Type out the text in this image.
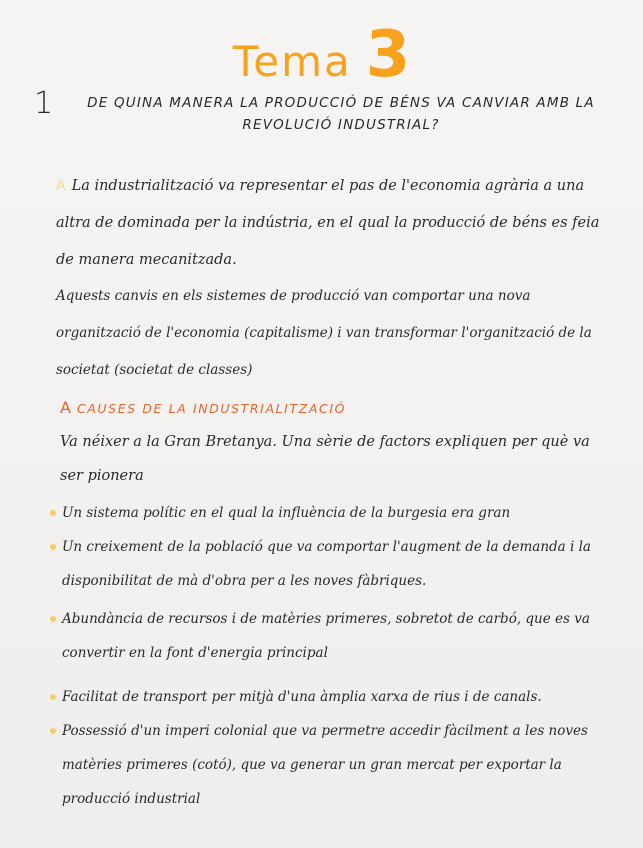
Tema 3
1	DE QUINA MANERA LA PRODUCCIÓ DE BÉNS VA CANVIAR AMB LA REVOLUCIÓ INDUSTRIAL?
A La industrialització va representar el pas de l'economia agrària a una altra de dominada per la indústria, en el qual la producció de béns es feia de manera mecanitzada.
Aquests canvis en els sistemes de producció van comportar una nova organització de l'economia (capitalisme) i van transformar l'organització de la societat (societat de classes)
A CAUSES DE LA INDUSTRIALITZACIÓ
Va néixer a la Gran Bretanya. Una sèrie de factors expliquen per què va ser pionera
Un sistema polític en el qual la influència de la burgesia era gran
Un creixement de la població que va comportar l'augment de la demanda i la disponibilitat de mà d'obra per a les noves fàbriques.
Abundància de recursos i de matèries primeres, sobretot de carbó, que es va convertir en la font d'energia principal
Facilitat de transport per mitjà d'una àmplia xarxa de rius i de canals.
Possessió d'un imperi colonial que va permetre accedir fàcilment a les noves matèries primeres (cotó), que va generar un gran mercat per exportar la producció industrial
